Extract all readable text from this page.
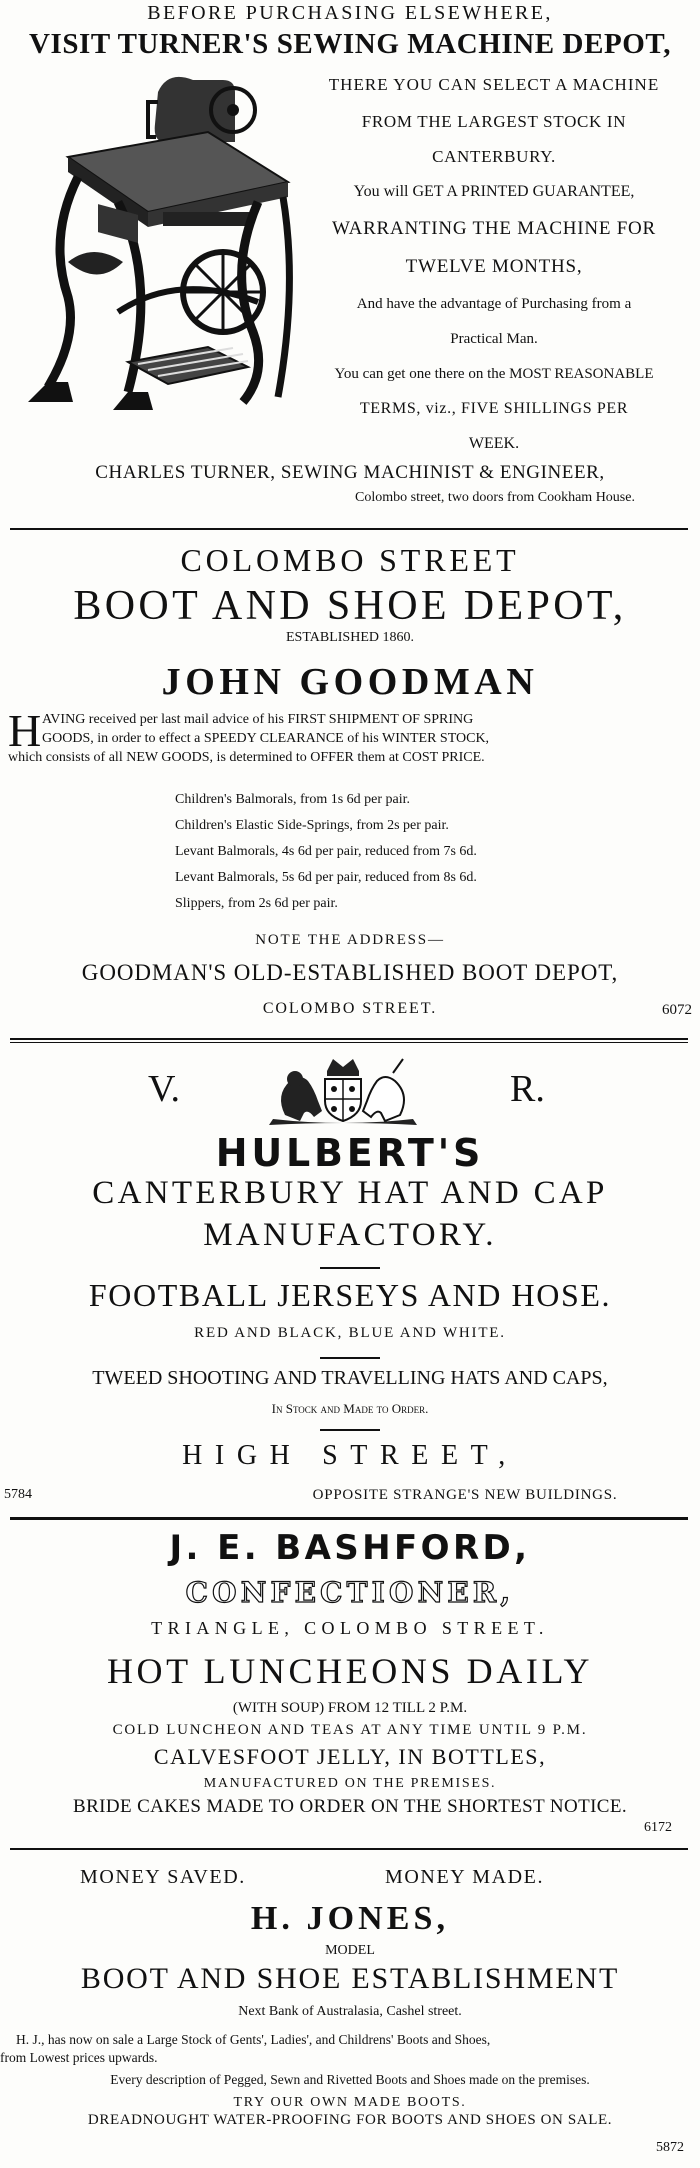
BEFORE PURCHASING ELSEWHERE,
VISIT TURNER'S SEWING MACHINE DEPOT,
THERE YOU CAN SELECT A MACHINE
FROM THE LARGEST STOCK IN
CANTERBURY.
You will GET A PRINTED GUARANTEE,
WARRANTING THE MACHINE FOR
TWELVE MONTHS,
And have the advantage of Purchasing from a
Practical Man.
You can get one there on the MOST REASONABLE
TERMS, viz., FIVE SHILLINGS PER
WEEK.
CHARLES TURNER, SEWING MACHINIST & ENGINEER,
Colombo street, two doors from Cookham House.
COLOMBO STREET
BOOT AND SHOE DEPOT,
ESTABLISHED 1860.
JOHN GOODMAN
H AVING received per last mail advice of his FIRST SHIPMENT OF SPRING
GOODS, in order to effect a SPEEDY CLEARANCE of his WINTER STOCK,
which consists of all NEW GOODS, is determined to OFFER them at COST PRICE.
Children's Balmorals, from 1s 6d per pair.
Children's Elastic Side-Springs, from 2s per pair.
Levant Balmorals, 4s 6d per pair, reduced from 7s 6d.
Levant Balmorals, 5s 6d per pair, reduced from 8s 6d.
Slippers, from 2s 6d per pair.
NOTE THE ADDRESS—
GOODMAN'S OLD-ESTABLISHED BOOT DEPOT,
COLOMBO STREET.	6072
V.	R.
HULBERT'S
CANTERBURY HAT AND CAP
MANUFACTORY.
FOOTBALL JERSEYS AND HOSE.
RED AND BLACK, BLUE AND WHITE.
TWEED SHOOTING AND TRAVELLING HATS AND CAPS,
In Stock and Made to Order.
HIGH STREET,
5784	OPPOSITE STRANGE'S NEW BUILDINGS.
J. E. BASHFORD,
CONFECTIONER,
TRIANGLE, COLOMBO STREET.
HOT LUNCHEONS DAILY
(WITH SOUP) FROM 12 TILL 2 P.M.
COLD LUNCHEON AND TEAS AT ANY TIME UNTIL 9 P.M.
CALVESFOOT JELLY, IN BOTTLES,
MANUFACTURED ON THE PREMISES.
BRIDE CAKES MADE TO ORDER ON THE SHORTEST NOTICE.
6172
MONEY SAVED.	MONEY MADE.
H. JONES,
MODEL
BOOT AND SHOE ESTABLISHMENT
Next Bank of Australasia, Cashel street.
H. J., has now on sale a Large Stock of Gents', Ladies', and Childrens' Boots and Shoes,
from Lowest prices upwards.
Every description of Pegged, Sewn and Rivetted Boots and Shoes made on the premises.
TRY OUR OWN MADE BOOTS.
DREADNOUGHT WATER-PROOFING FOR BOOTS AND SHOES ON SALE.
5872
